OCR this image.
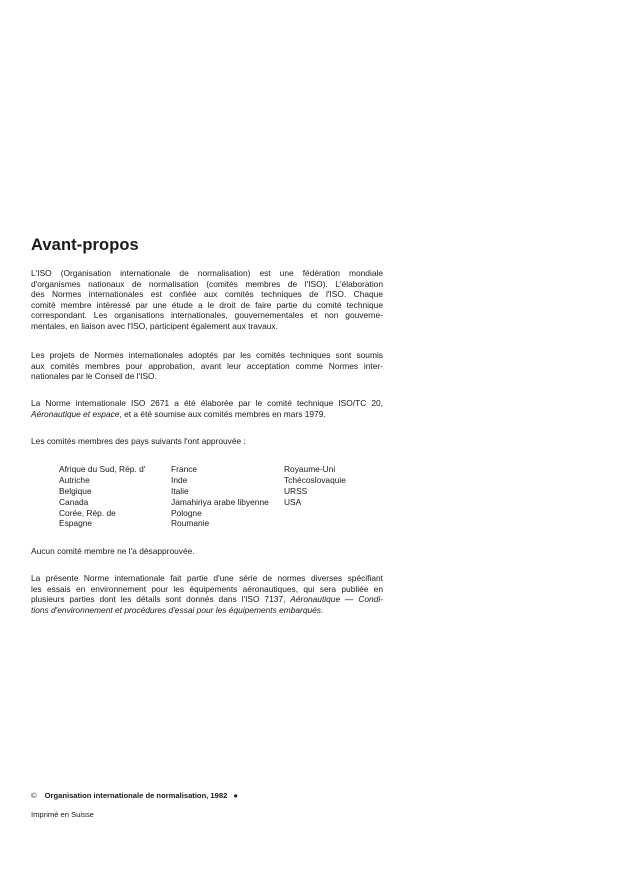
Avant-propos

L'ISO (Organisation internationale de normalisation) est une fédération mondiale
d'organismes nationaux de normalisation (comités membres de l'ISO). L'élaboration
des Normes internationales est confiée aux comités techniques de l'ISO. Chaque
comité membre intéressé par une étude a le droit de faire partie du comité technique
correspondant. Les organisations internationales, gouvernementales et non gouverne-
mentales, en liaison avec l'ISO, participent également aux travaux.

Les projets de Normes internationales adoptés par les comités techniques sont soumis
aux comités membres pour approbation, avant leur acceptation comme Normes inter-
nationales par le Conseil de l'ISO.

La Norme internationale ISO 2671 a été élaborée par le comité technique ISO/TC 20,
Aéronautique et espace, et a été soumise aux comités membres en mars 1979.

Les comités membres des pays suivants l'ont approuvée :

Afrique du Sud, Rép. d'
Autriche
Belgique
Canada
Corée, Rép. de
Espagne
France
Inde
Italie
Jamahiriya arabe libyenne
Pologne
Roumanie
Royaume-Uni
Tchécoslovaquie
URSS
USA

Aucun comité membre ne l'a désapprouvée.

La présente Norme internationale fait partie d'une série de normes diverses spécifiant
les essais en environnement pour les équipements aéronautiques, qui sera publiée en
plusieurs parties dont les détails sont donnés dans l'ISO 7137, Aéronautique — Condi-
tions d'environnement et procédures d'essai pour les équipements embarqués.

© Organisation internationale de normalisation, 1982 ●
Imprimé en Suisse
